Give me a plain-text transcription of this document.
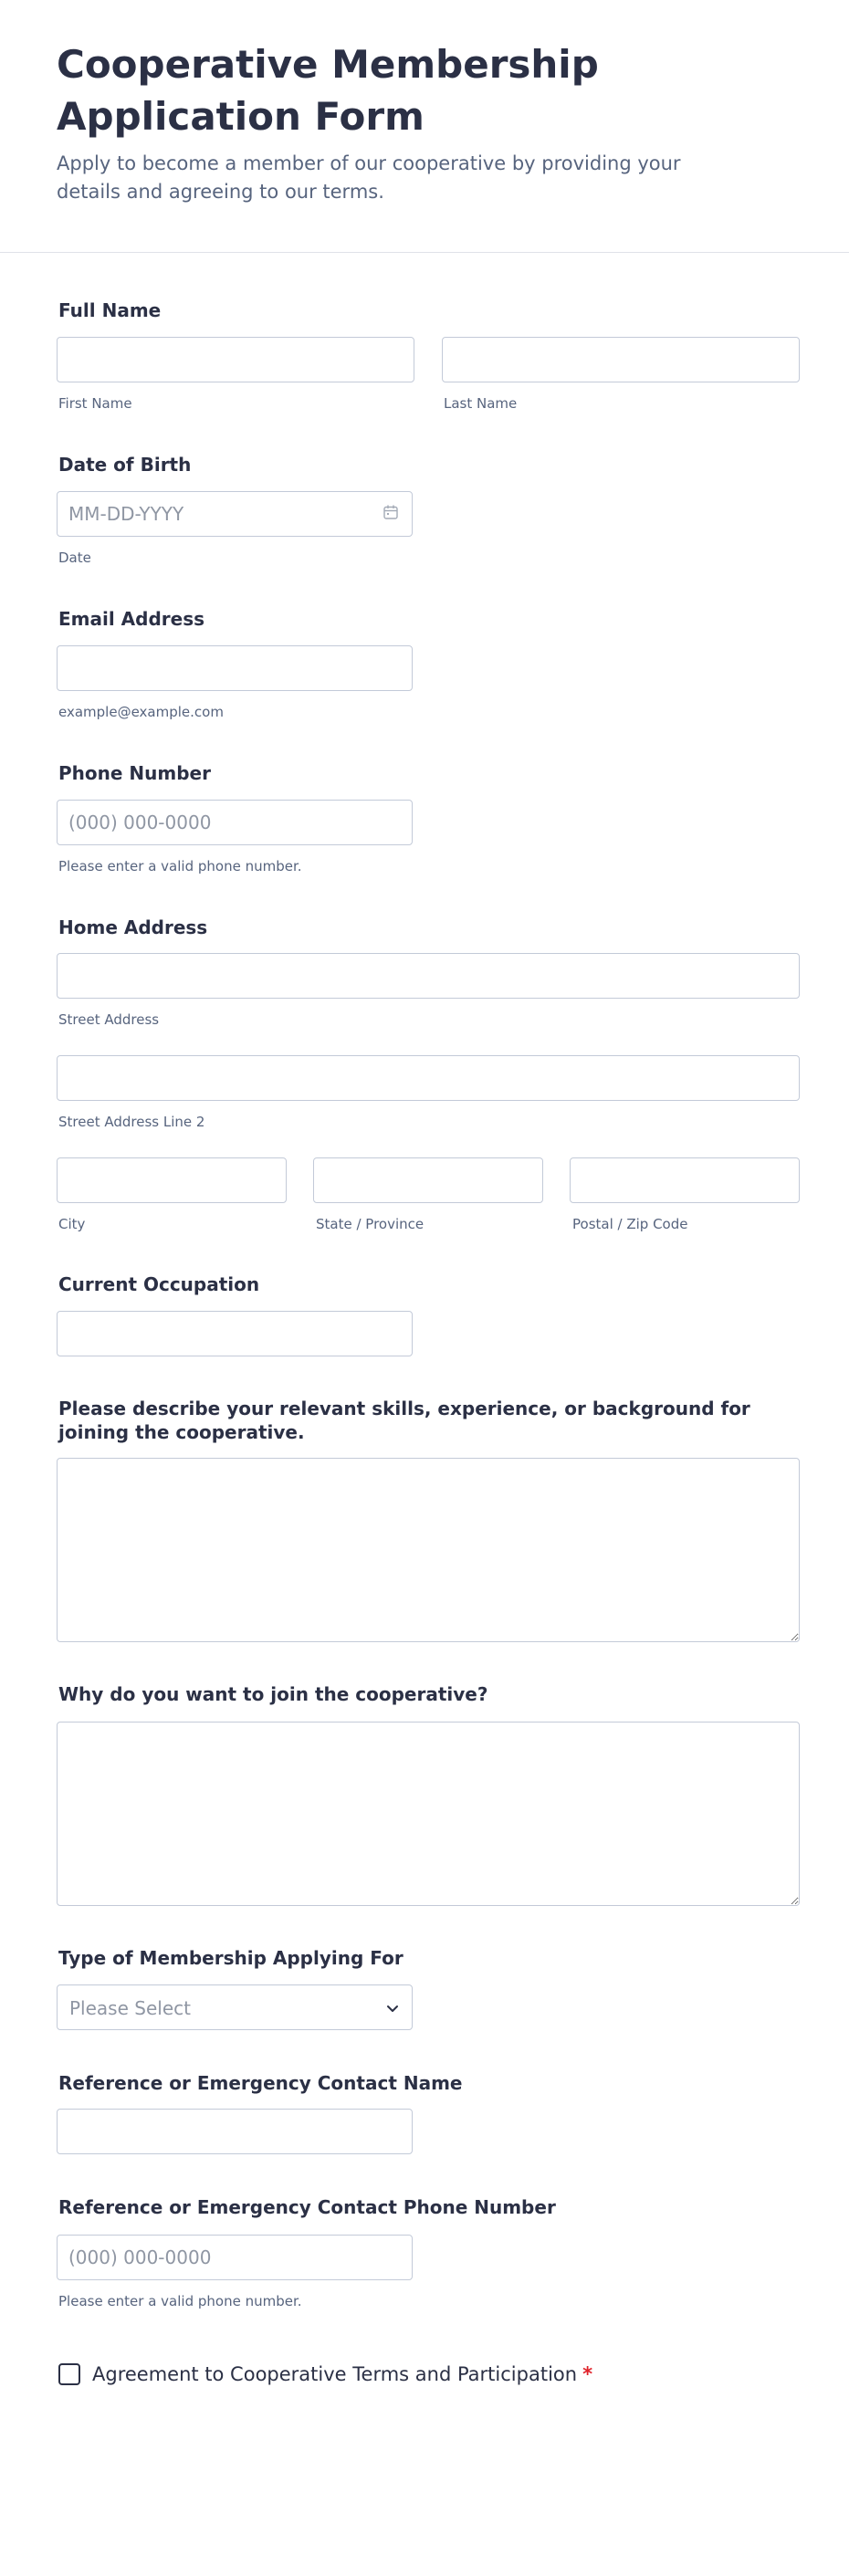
Cooperative Membership Application Form

Apply to become a member of our cooperative by providing your details and agreeing to our terms.

Full Name
First Name	Last Name
Date of Birth
MM-DD-YYYY
Date
Email Address
example@example.com
Phone Number
(000) 000-0000
Please enter a valid phone number.
Home Address
Street Address
Street Address Line 2
City	State / Province	Postal / Zip Code
Current Occupation
Please describe your relevant skills, experience, or background for joining the cooperative.
Why do you want to join the cooperative?
Type of Membership Applying For
Please Select
Reference or Emergency Contact Name
Reference or Emergency Contact Phone Number
(000) 000-0000
Please enter a valid phone number.
Agreement to Cooperative Terms and Participation *
